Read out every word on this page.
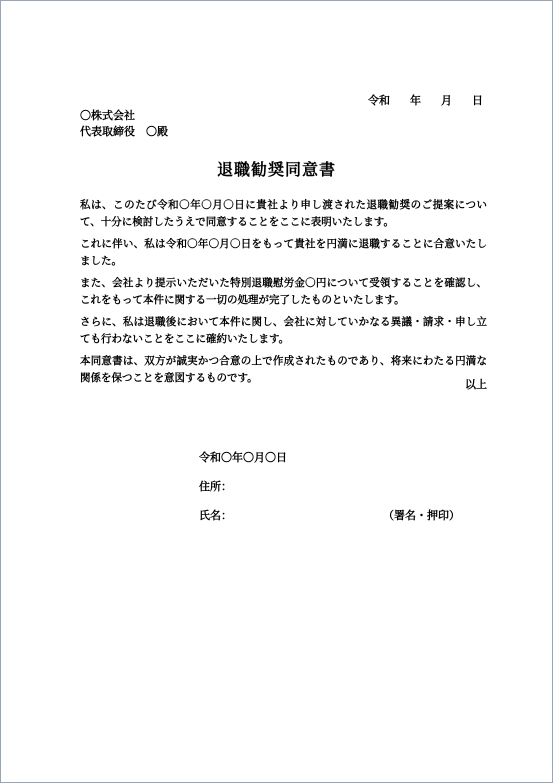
令和 年 月 日
〇株式会社
代表取締役　〇殿
退職勧奨同意書

私は、このたび令和〇年〇月〇日に貴社より申し渡された退職勧奨のご提案について、十分に検討したうえで同意することをここに表明いたします。

これに伴い、私は令和〇年〇月〇日をもって貴社を円満に退職することに合意いたしました。

また、会社より提示いただいた特別退職慰労金〇円について受領することを確認し、これをもって本件に関する一切の処理が完了したものといたします。

さらに、私は退職後において本件に関し、会社に対していかなる異議・請求・申し立ても行わないことをここに確約いたします。

本同意書は、双方が誠実かつ合意の上で作成されたものであり、将来にわたる円満な関係を保つことを意図するものです。	以上
令和〇年〇月〇日
住所：
氏名：	（署名・押印）
